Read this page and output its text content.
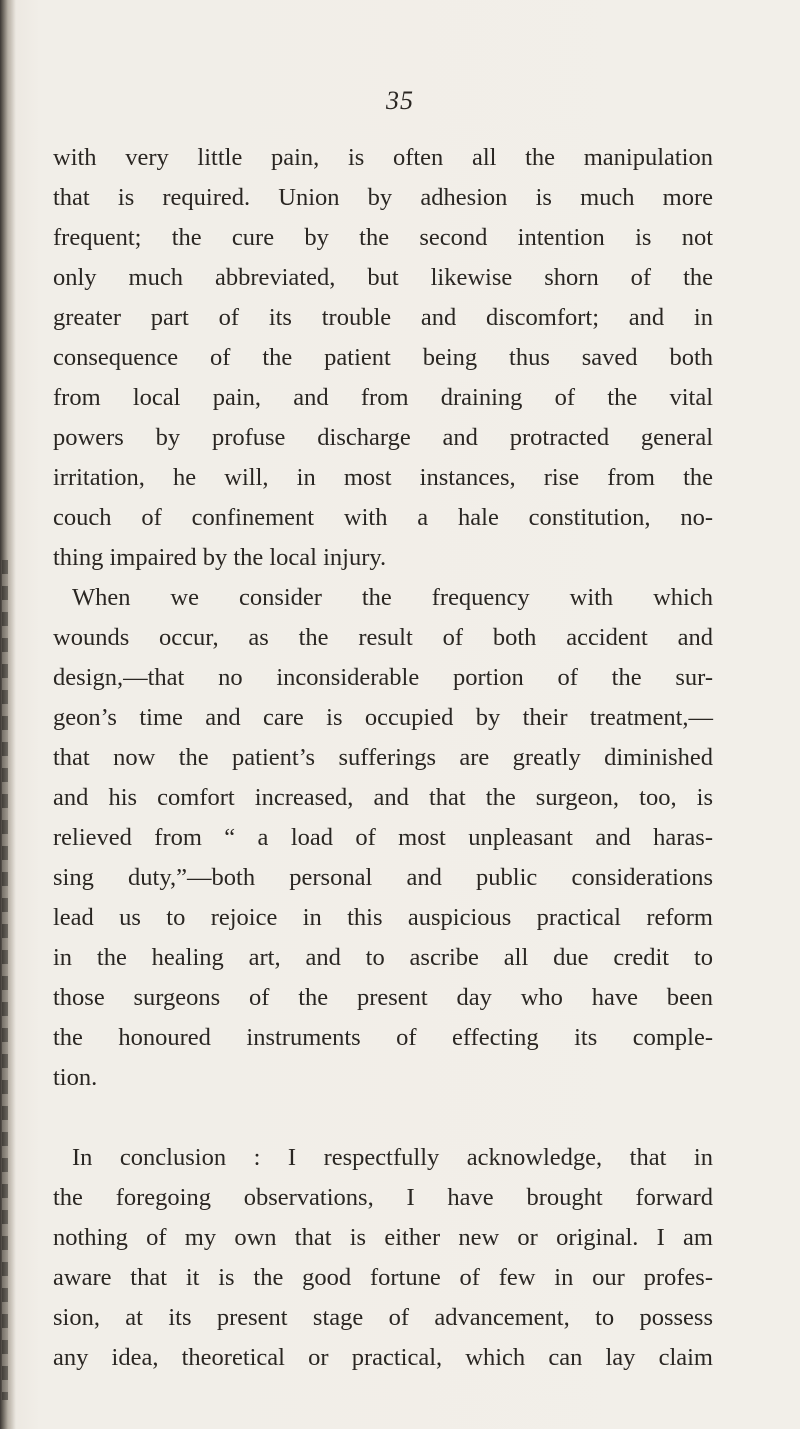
35
with very little pain, is often all the manipulation
that is required. Union by adhesion is much more
frequent; the cure by the second intention is not
only much abbreviated, but likewise shorn of the
greater part of its trouble and discomfort; and in
consequence of the patient being thus saved both
from local pain, and from draining of the vital
powers by profuse discharge and protracted general
irritation, he will, in most instances, rise from the
couch of confinement with a hale constitution, no-
thing impaired by the local injury.
When we consider the frequency with which
wounds occur, as the result of both accident and
design,—that no inconsiderable portion of the sur-
geon’s time and care is occupied by their treatment,—
that now the patient’s sufferings are greatly diminished
and his comfort increased, and that the surgeon, too, is
relieved from “ a load of most unpleasant and haras-
sing duty,”—both personal and public considerations
lead us to rejoice in this auspicious practical reform
in the healing art, and to ascribe all due credit to
those surgeons of the present day who have been
the honoured instruments of effecting its comple-
tion.
In conclusion : I respectfully acknowledge, that in
the foregoing observations, I have brought forward
nothing of my own that is either new or original. I am
aware that it is the good fortune of few in our profes-
sion, at its present stage of advancement, to possess
any idea, theoretical or practical, which can lay claim
